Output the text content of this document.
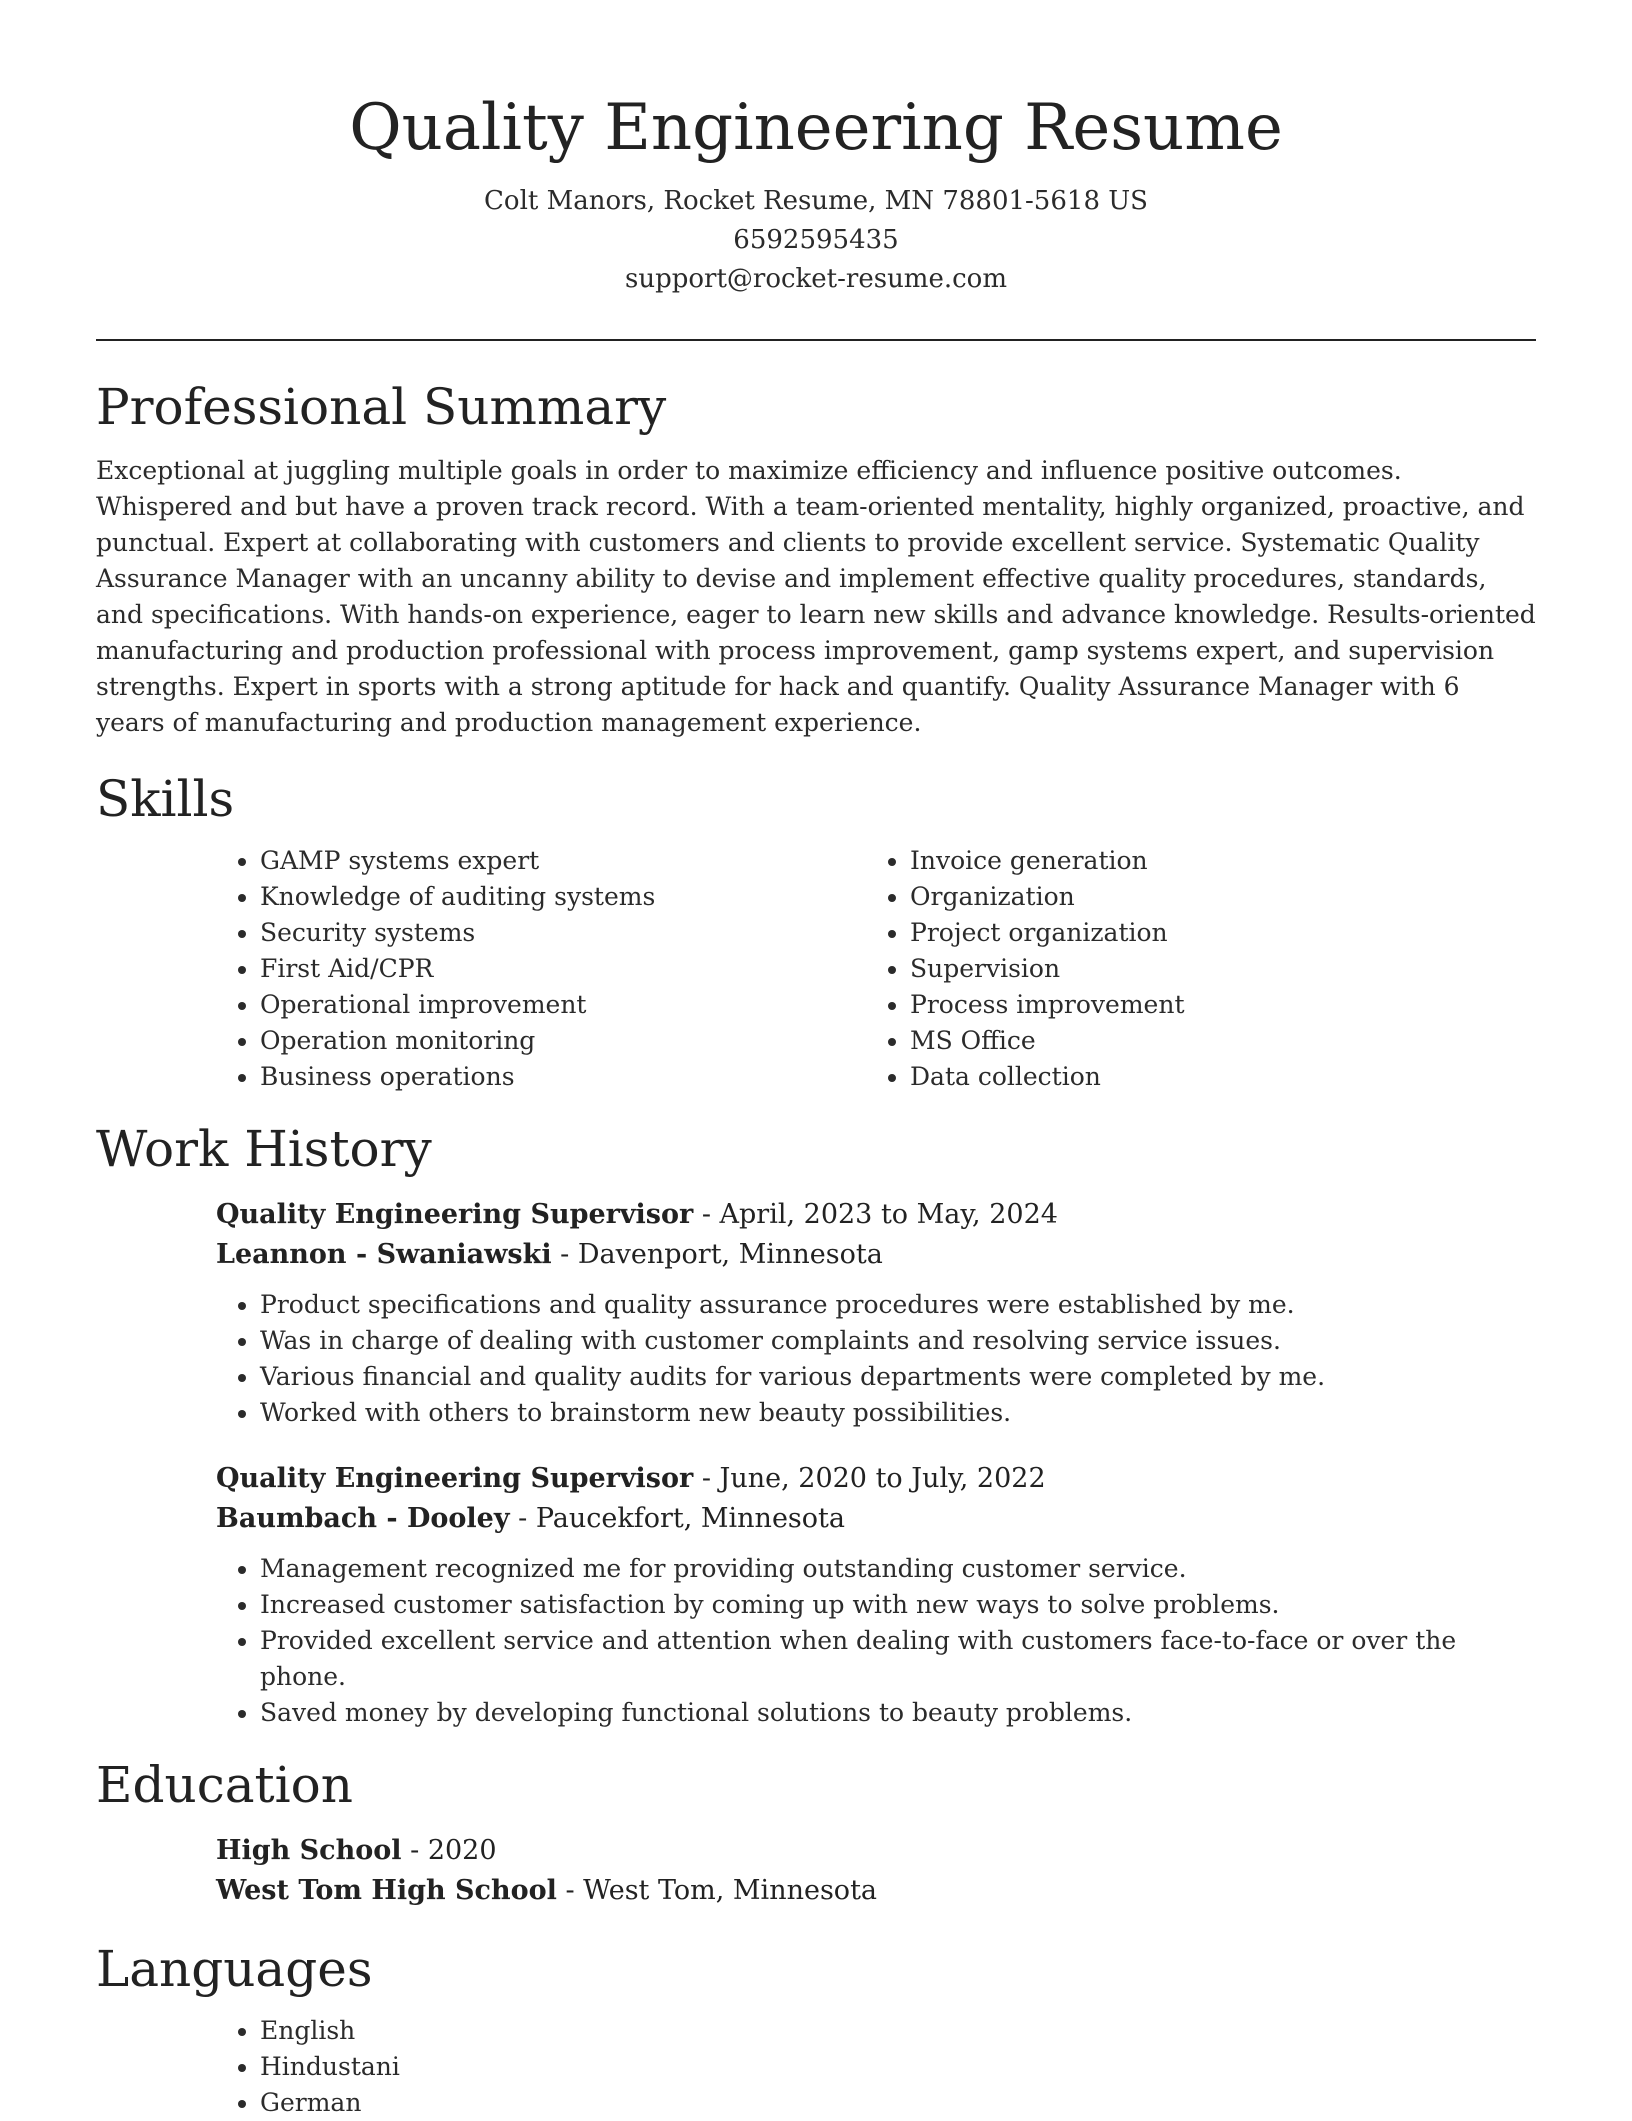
Quality Engineering Resume
Colt Manors, Rocket Resume, MN 78801-5618 US
6592595435
support@rocket-resume.com
Professional Summary

Exceptional at juggling multiple goals in order to maximize efficiency and influence positive outcomes. Whispered and but have a proven track record. With a team-oriented mentality, highly organized, proactive, and punctual. Expert at collaborating with customers and clients to provide excellent service. Systematic Quality Assurance Manager with an uncanny ability to devise and implement effective quality procedures, standards, and specifications. With hands-on experience, eager to learn new skills and advance knowledge. Results-oriented manufacturing and production professional with process improvement, gamp systems expert, and supervision strengths. Expert in sports with a strong aptitude for hack and quantify. Quality Assurance Manager with 6 years of manufacturing and production management experience.

Skills
• GAMP systems expert
• Knowledge of auditing systems
• Security systems
• First Aid/CPR
• Operational improvement
• Operation monitoring
• Business operations
• Invoice generation
• Organization
• Project organization
• Supervision
• Process improvement
• MS Office
• Data collection
Work History
Quality Engineering Supervisor - April, 2023 to May, 2024
Leannon - Swaniawski - Davenport, Minnesota
• Product specifications and quality assurance procedures were established by me.
• Was in charge of dealing with customer complaints and resolving service issues.
• Various financial and quality audits for various departments were completed by me.
• Worked with others to brainstorm new beauty possibilities.
Quality Engineering Supervisor - June, 2020 to July, 2022
Baumbach - Dooley - Paucekfort, Minnesota
• Management recognized me for providing outstanding customer service.
• Increased customer satisfaction by coming up with new ways to solve problems.
• Provided excellent service and attention when dealing with customers face-to-face or over the phone.
• Saved money by developing functional solutions to beauty problems.
Education
High School - 2020
West Tom High School - West Tom, Minnesota
Languages
• English
• Hindustani
• German
